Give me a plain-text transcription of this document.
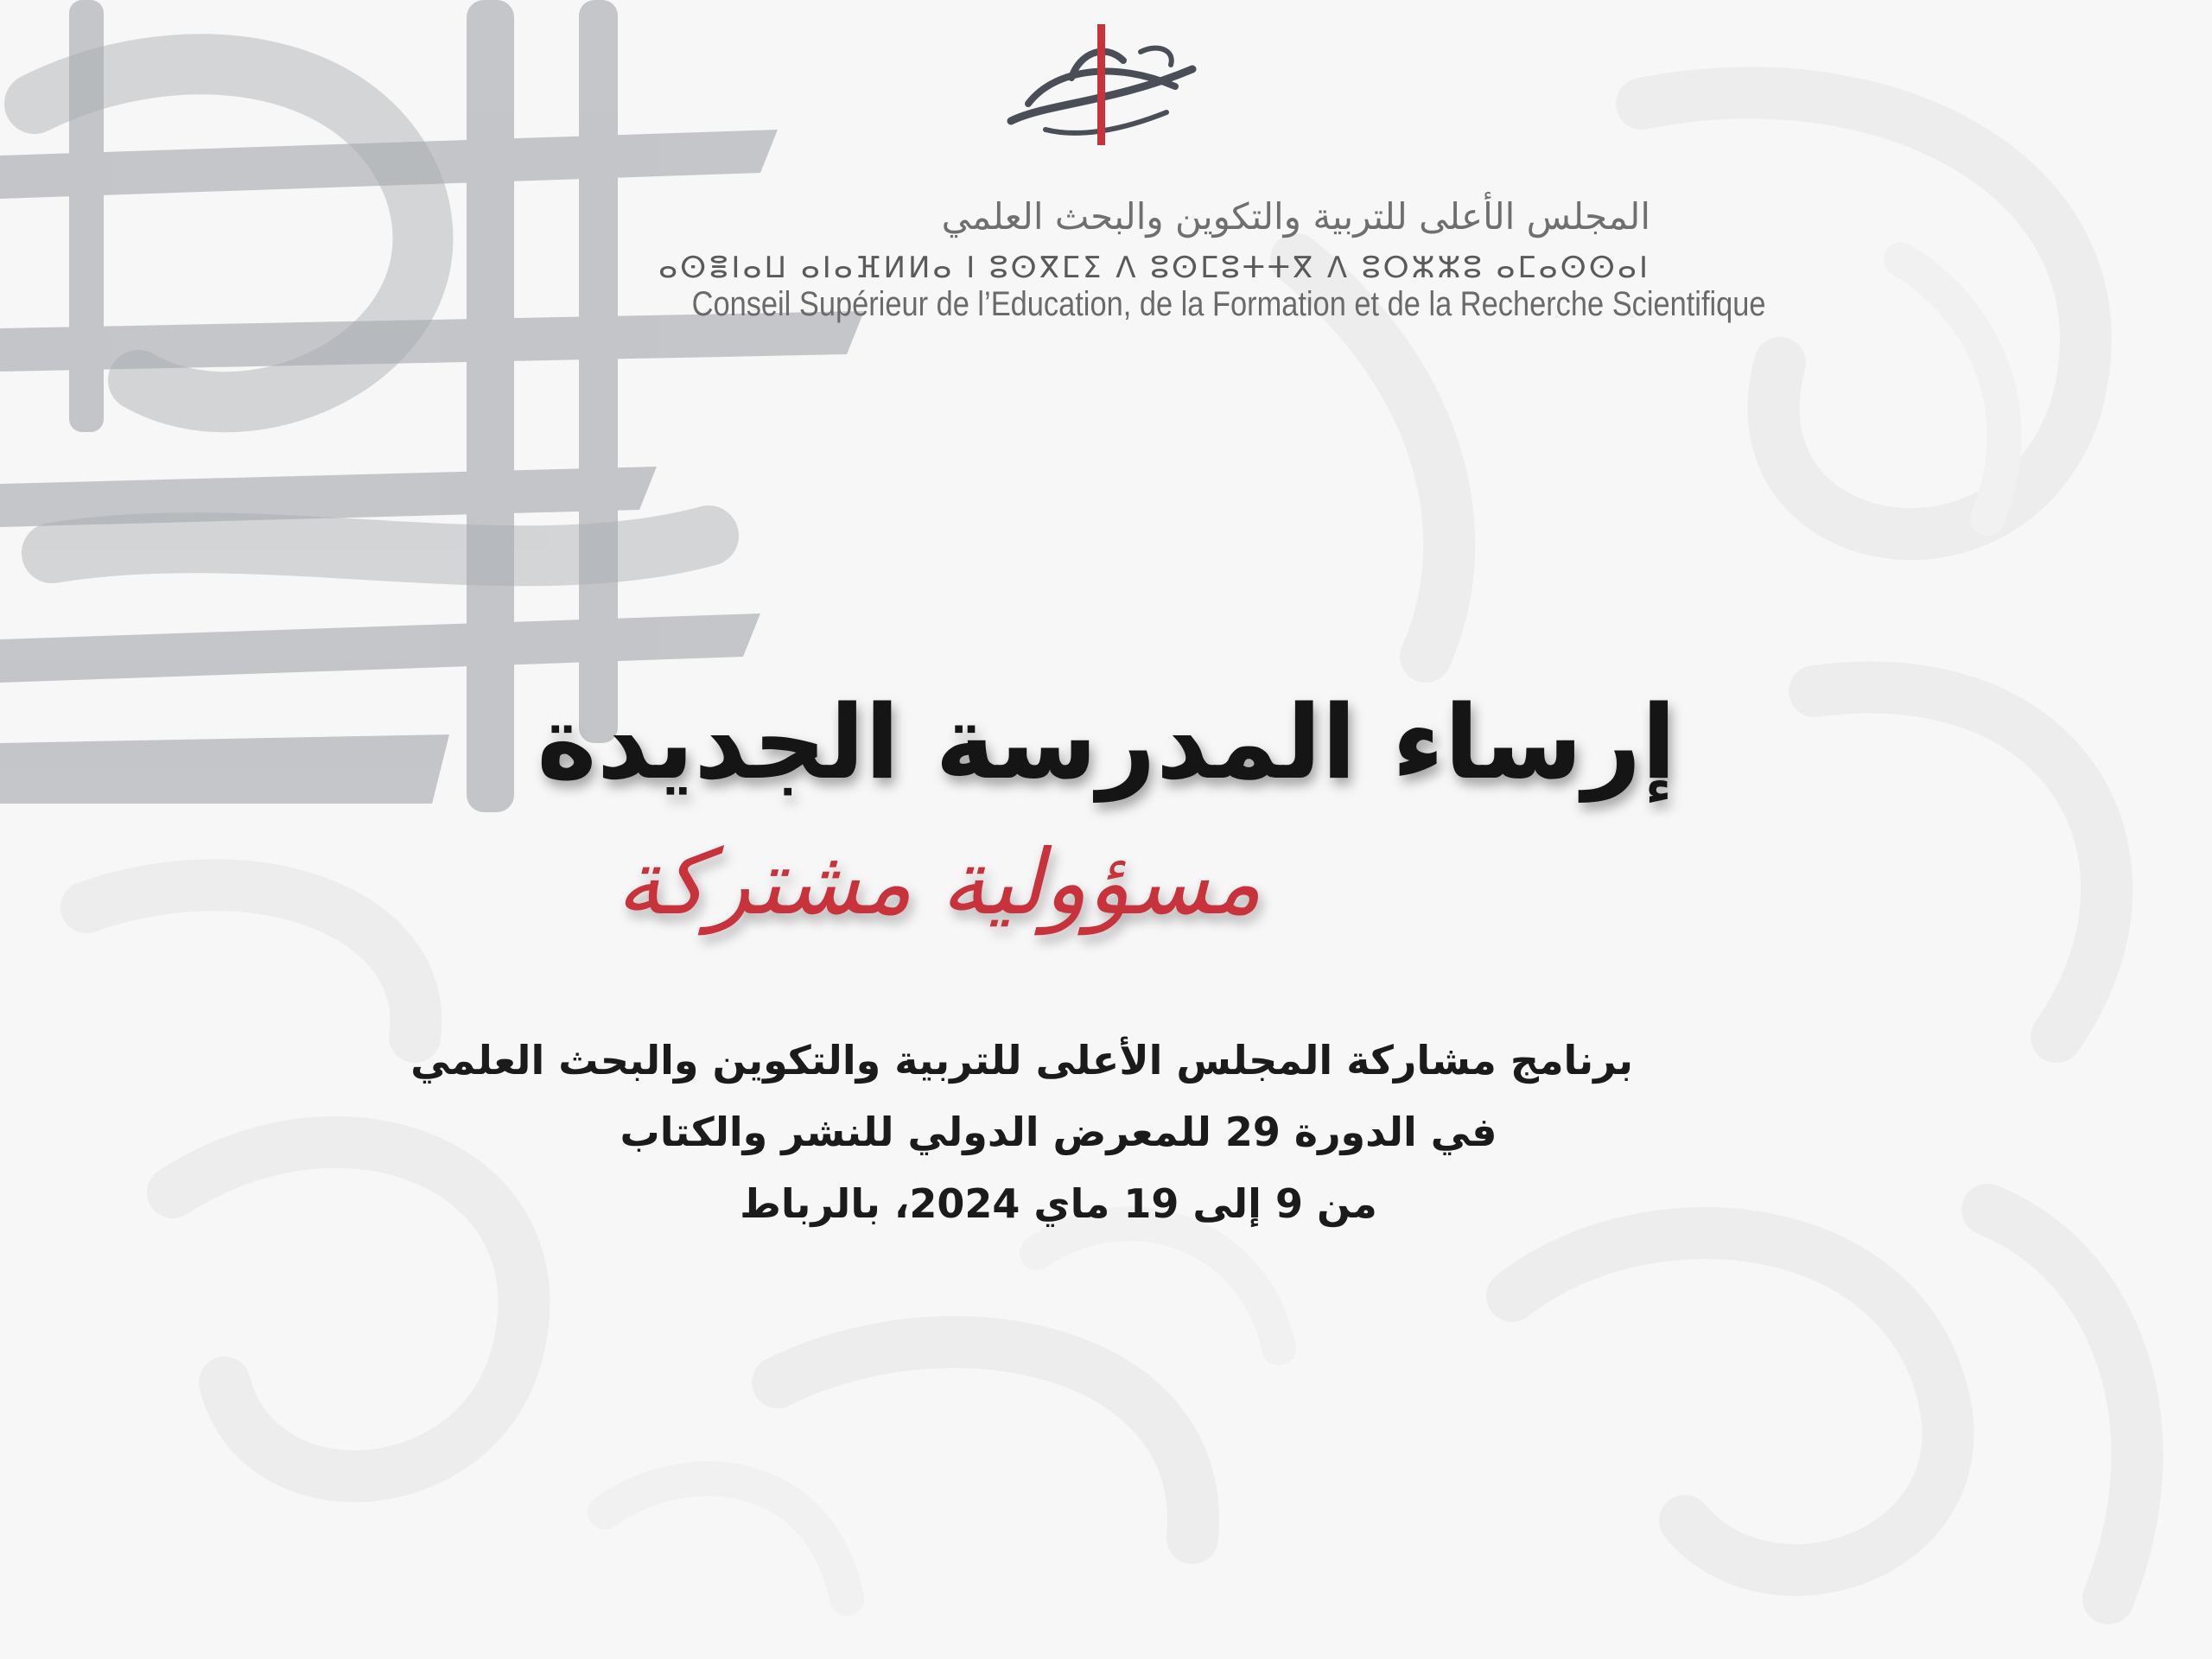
المجلس الأعلى للتربية والتكوين والبحث العلمي
ⴰⵙⴻⵏⴰⵡ ⴰⵏⴰⴼⵍⵍⴰ ⵏ ⵓⵙⴳⵎⵉ ⴷ ⵓⵙⵎⵓⵜⵜⴳ ⴷ ⵓⵔⵣⵣⵓ ⴰⵎⴰⵙⵙⴰⵏ
Conseil Supérieur de l’Education, de la Formation et de la Recherche Scientifique
إرساء المدرسة الجديدة
مسؤولية مشتركة
برنامج مشاركة المجلس الأعلى للتربية والتكوين والبحث العلمي
في الدورة 29 للمعرض الدولي للنشر والكتاب
من 9 إلى 19 ماي 2024، بالرباط
